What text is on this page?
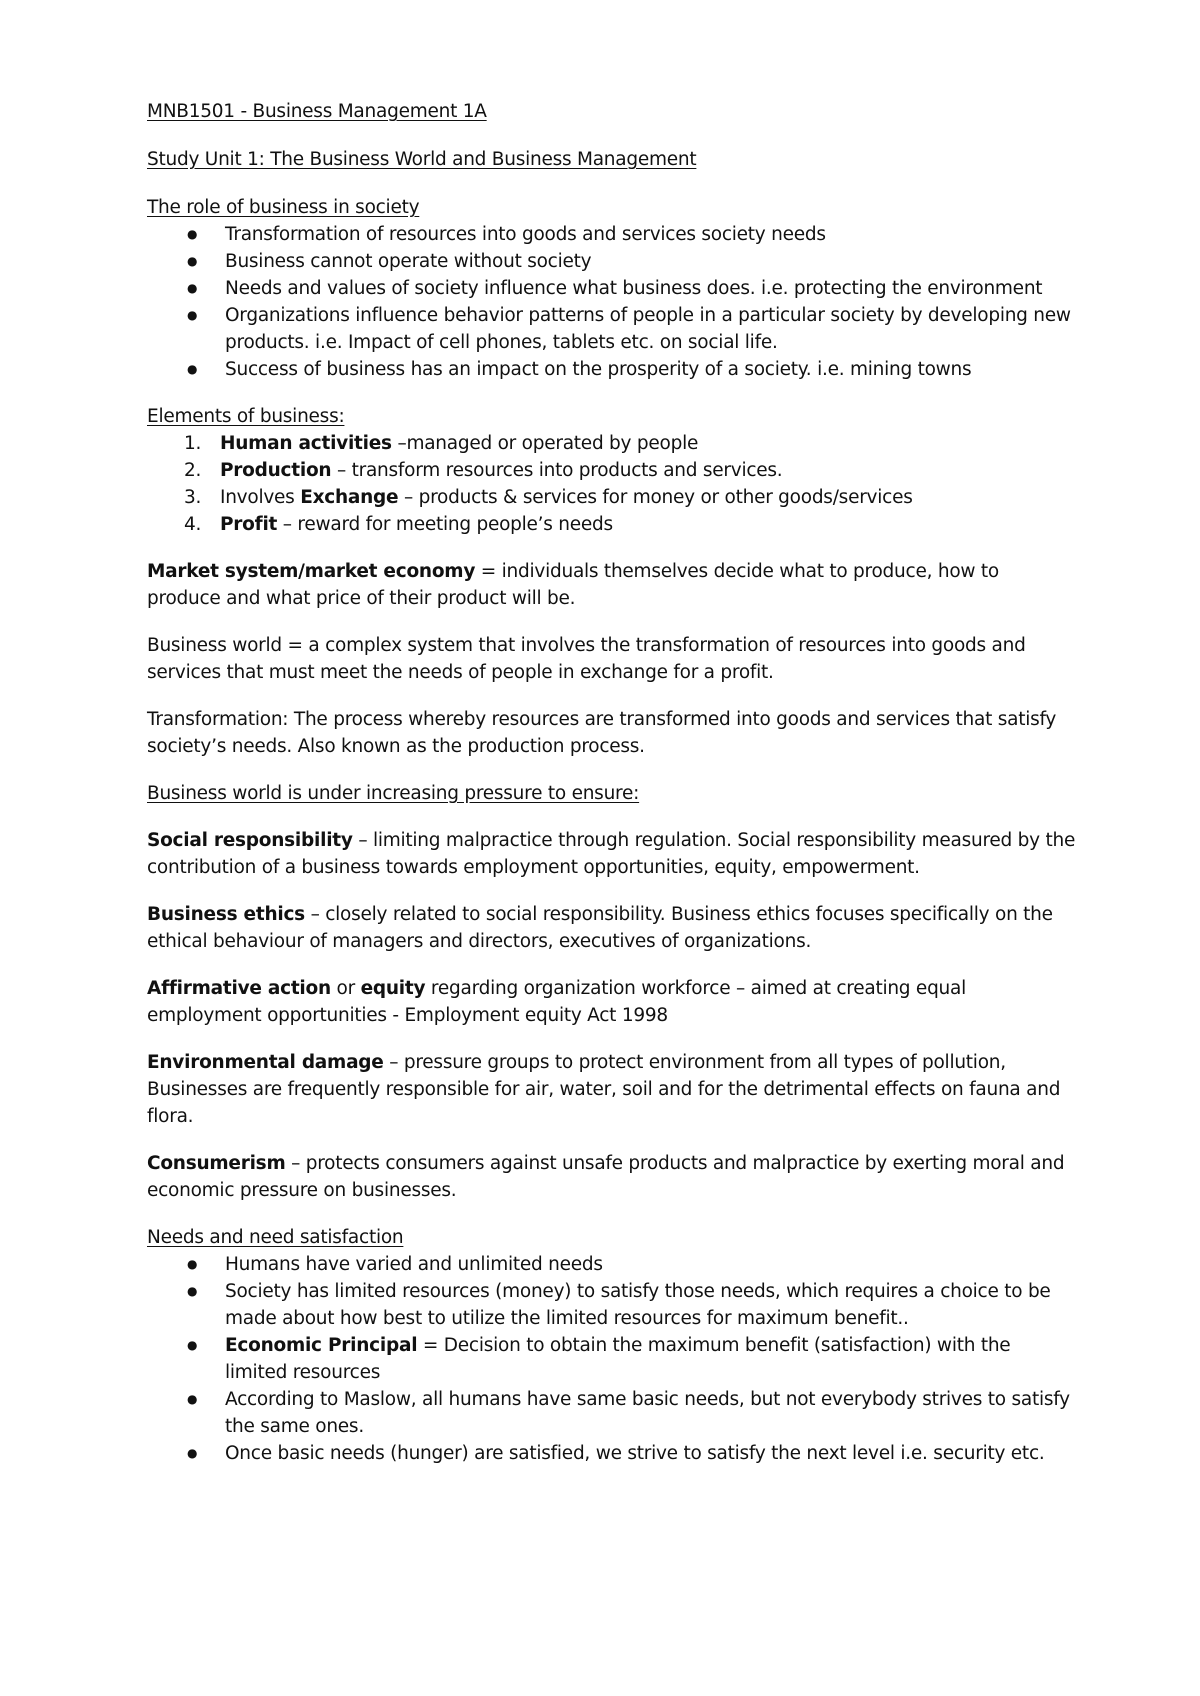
MNB1501 - Business Management 1A

Study Unit 1: The Business World and Business Management

The role of business in society

● Transformation of resources into goods and services society needs
● Business cannot operate without society
● Needs and values of society influence what business does. i.e. protecting the environment
● Organizations influence behavior patterns of people in a particular society by developing new products. i.e. Impact of cell phones, tablets etc. on social life.
● Success of business has an impact on the prosperity of a society. i.e. mining towns

Elements of business:

1. Human activities –managed or operated by people
2. Production – transform resources into products and services.
3. Involves Exchange – products & services for money or other goods/services
4. Profit – reward for meeting people’s needs

Market system/market economy = individuals themselves decide what to produce, how to produce and what price of their product will be.

Business world = a complex system that involves the transformation of resources into goods and services that must meet the needs of people in exchange for a profit.

Transformation: The process whereby resources are transformed into goods and services that satisfy society’s needs. Also known as the production process.

Business world is under increasing pressure to ensure:

Social responsibility – limiting malpractice through regulation. Social responsibility measured by the contribution of a business towards employment opportunities, equity, empowerment.

Business ethics – closely related to social responsibility. Business ethics focuses specifically on the ethical behaviour of managers and directors, executives of organizations.

Affirmative action or equity regarding organization workforce – aimed at creating equal employment opportunities - Employment equity Act 1998

Environmental damage – pressure groups to protect environment from all types of pollution, Businesses are frequently responsible for air, water, soil and for the detrimental effects on fauna and flora.

Consumerism – protects consumers against unsafe products and malpractice by exerting moral and economic pressure on businesses.

Needs and need satisfaction

● Humans have varied and unlimited needs
● Society has limited resources (money) to satisfy those needs, which requires a choice to be made about how best to utilize the limited resources for maximum benefit..
● Economic Principal = Decision to obtain the maximum benefit (satisfaction) with the limited resources
● According to Maslow, all humans have same basic needs, but not everybody strives to satisfy the same ones.
● Once basic needs (hunger) are satisfied, we strive to satisfy the next level i.e. security etc.
